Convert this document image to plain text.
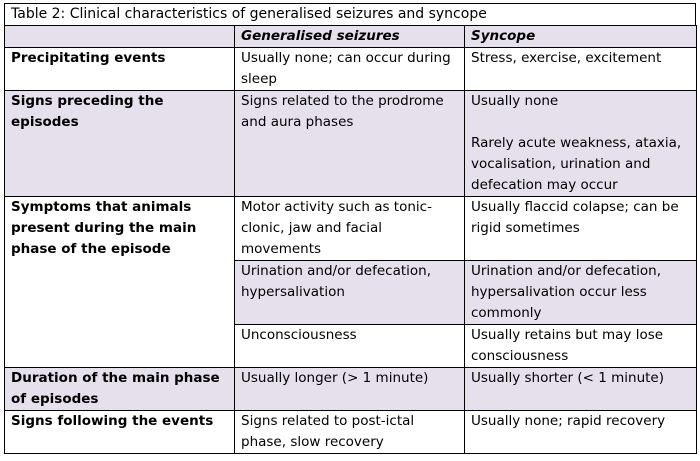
Table 2: Clinical characteristics of generalised seizures and syncope
	Generalised seizures	Syncope
Precipitating events	Usually none; can occur during sleep	Stress, exercise, excitement
Signs preceding the episodes	Signs related to the prodrome and aura phases	Usually none
Rarely acute weakness, ataxia, vocalisation, urination and defecation may occur

Symptoms that animals present during the main phase of the episode	Motor activity such as tonic-clonic, jaw and facial movements	Usually flaccid colapse; can be rigid sometimes
	Urination and/or defecation, hypersalivation	Urination and/or defecation, hypersalivation occur less commonly
	Unconsciousness	Usually retains but may lose consciousness
Duration of the main phase of episodes	Usually longer (> 1 minute)	Usually shorter (< 1 minute)
Signs following the events	Signs related to post-ictal phase, slow recovery	Usually none; rapid recovery
